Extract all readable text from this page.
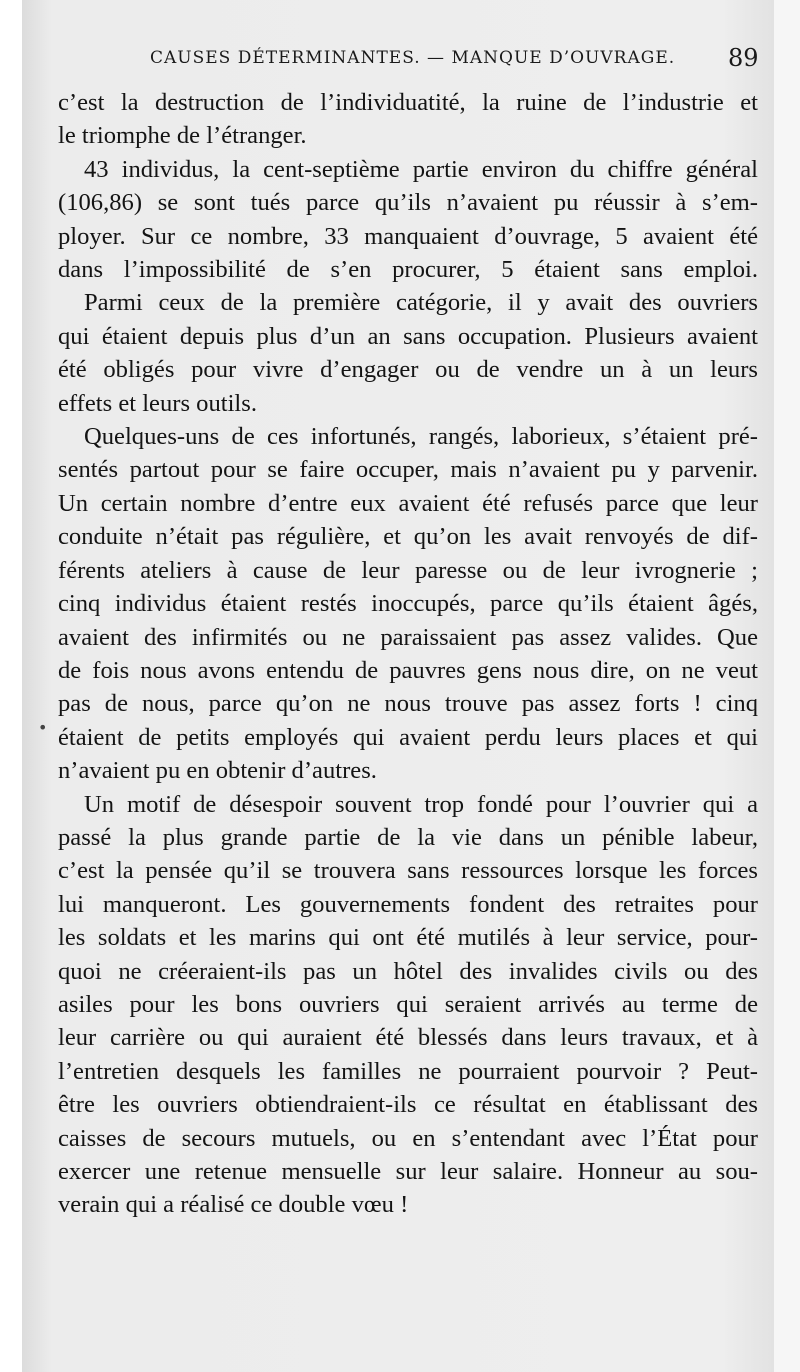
CAUSES DÉTERMINANTES. — MANQUE D’OUVRAGE. 89
•

c’est la destruction de l’individuatité, la ruine de l’industrie et
le triomphe de l’étranger.

43 individus, la cent-septième partie environ du chiffre général
(106,86) se sont tués parce qu’ils n’avaient pu réussir à s’em-
ployer. Sur ce nombre, 33 manquaient d’ouvrage, 5 avaient été
dans l’impossibilité de s’en procurer, 5 étaient sans emploi.

Parmi ceux de la première catégorie, il y avait des ouvriers
qui étaient depuis plus d’un an sans occupation. Plusieurs avaient
été obligés pour vivre d’engager ou de vendre un à un leurs
effets et leurs outils.

Quelques-uns de ces infortunés, rangés, laborieux, s’étaient pré-
sentés partout pour se faire occuper, mais n’avaient pu y parvenir.
Un certain nombre d’entre eux avaient été refusés parce que leur
conduite n’était pas régulière, et qu’on les avait renvoyés de dif-
férents ateliers à cause de leur paresse ou de leur ivrognerie ;
cinq individus étaient restés inoccupés, parce qu’ils étaient âgés,
avaient des infirmités ou ne paraissaient pas assez valides. Que
de fois nous avons entendu de pauvres gens nous dire, on ne veut
pas de nous, parce qu’on ne nous trouve pas assez forts ! cinq
étaient de petits employés qui avaient perdu leurs places et qui
n’avaient pu en obtenir d’autres.

Un motif de désespoir souvent trop fondé pour l’ouvrier qui a
passé la plus grande partie de la vie dans un pénible labeur,
c’est la pensée qu’il se trouvera sans ressources lorsque les forces
lui manqueront. Les gouvernements fondent des retraites pour
les soldats et les marins qui ont été mutilés à leur service, pour-
quoi ne créeraient-ils pas un hôtel des invalides civils ou des
asiles pour les bons ouvriers qui seraient arrivés au terme de
leur carrière ou qui auraient été blessés dans leurs travaux, et à
l’entretien desquels les familles ne pourraient pourvoir ? Peut-
être les ouvriers obtiendraient-ils ce résultat en établissant des
caisses de secours mutuels, ou en s’entendant avec l’État pour
exercer une retenue mensuelle sur leur salaire. Honneur au sou-
verain qui a réalisé ce double vœu !
